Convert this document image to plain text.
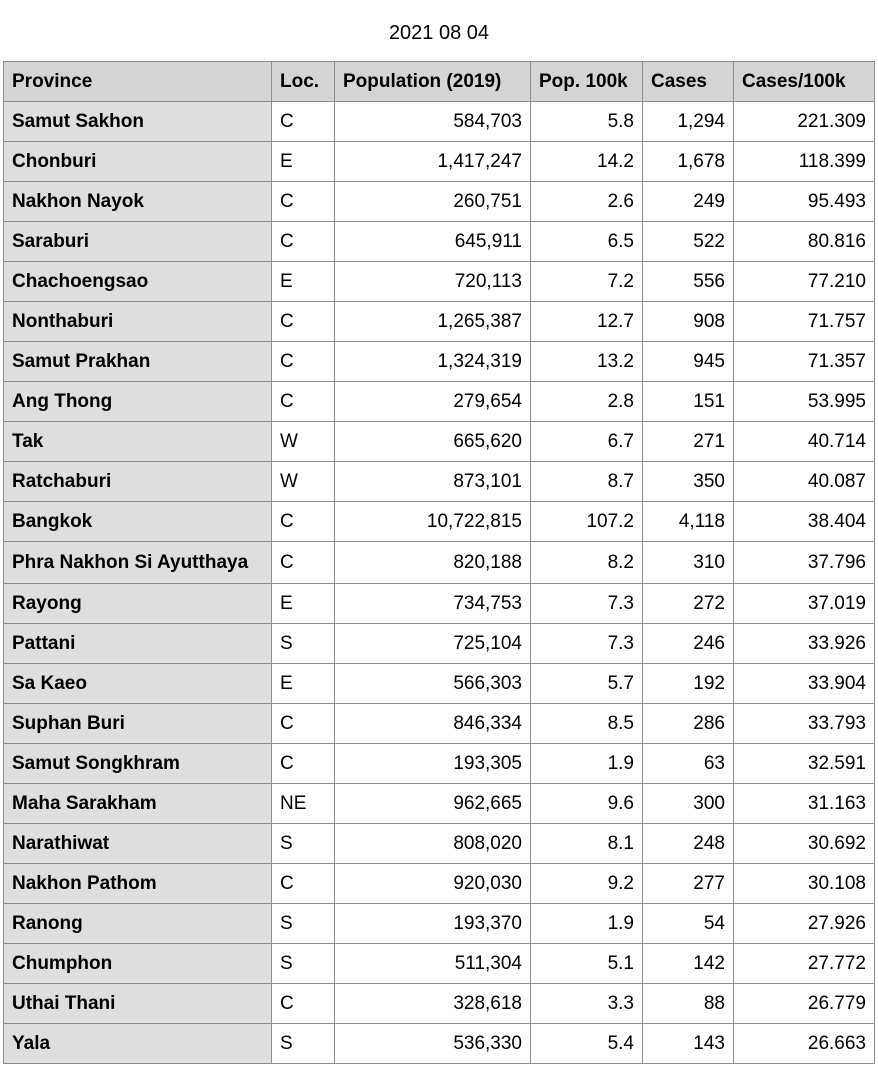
2021 08 04
Province	Loc.	Population (2019)	Pop. 100k	Cases	Cases/100k
Samut Sakhon	C	584,703	5.8	1,294	221.309
Chonburi	E	1,417,247	14.2	1,678	118.399
Nakhon Nayok	C	260,751	2.6	249	95.493
Saraburi	C	645,911	6.5	522	80.816
Chachoengsao	E	720,113	7.2	556	77.210
Nonthaburi	C	1,265,387	12.7	908	71.757
Samut Prakhan	C	1,324,319	13.2	945	71.357
Ang Thong	C	279,654	2.8	151	53.995
Tak	W	665,620	6.7	271	40.714
Ratchaburi	W	873,101	8.7	350	40.087
Bangkok	C	10,722,815	107.2	4,118	38.404
Phra Nakhon Si Ayutthaya	C	820,188	8.2	310	37.796
Rayong	E	734,753	7.3	272	37.019
Pattani	S	725,104	7.3	246	33.926
Sa Kaeo	E	566,303	5.7	192	33.904
Suphan Buri	C	846,334	8.5	286	33.793
Samut Songkhram	C	193,305	1.9	63	32.591
Maha Sarakham	NE	962,665	9.6	300	31.163
Narathiwat	S	808,020	8.1	248	30.692
Nakhon Pathom	C	920,030	9.2	277	30.108
Ranong	S	193,370	1.9	54	27.926
Chumphon	S	511,304	5.1	142	27.772
Uthai Thani	C	328,618	3.3	88	26.779
Yala	S	536,330	5.4	143	26.663
